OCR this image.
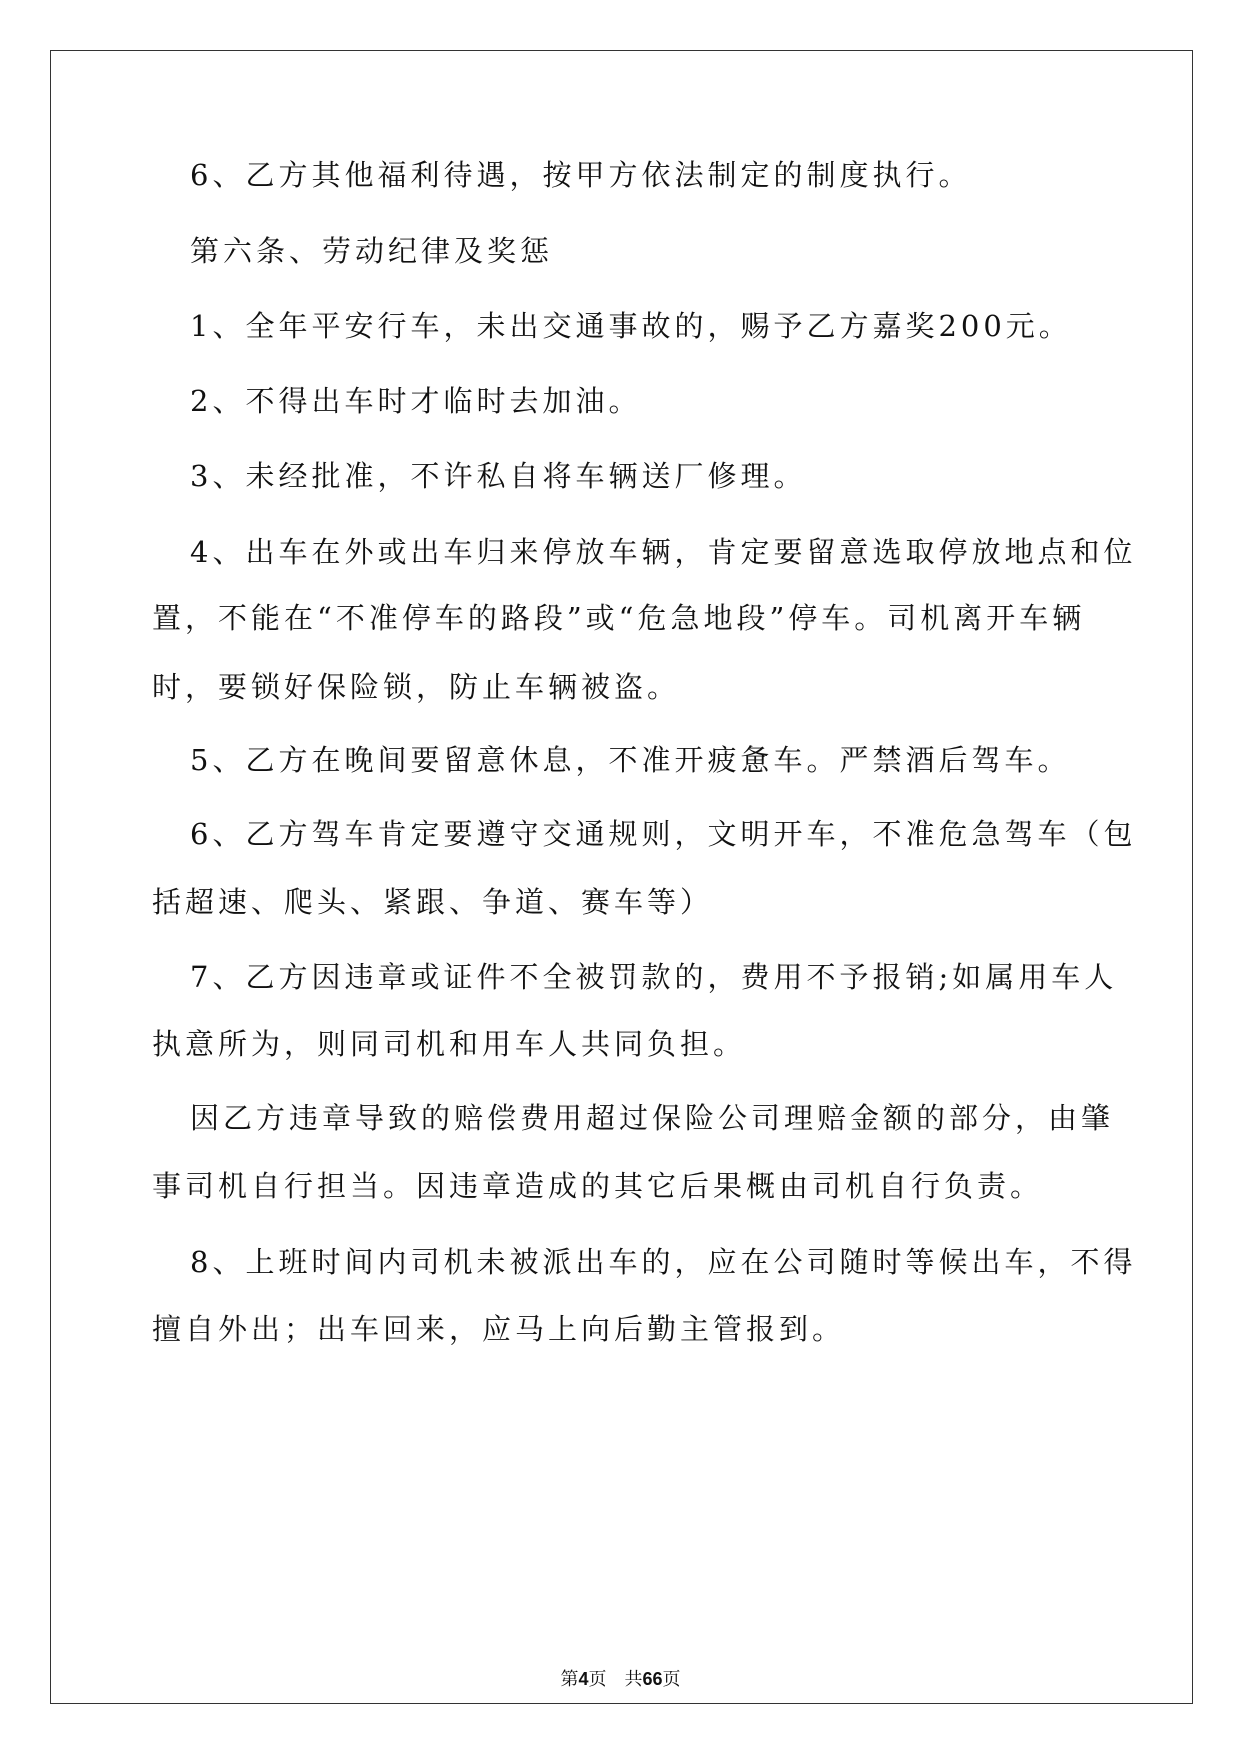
6、乙方其他福利待遇，按甲方依法制定的制度执行。
第六条、劳动纪律及奖惩
1、全年平安行车，未出交通事故的，赐予乙方嘉奖200元。
2、不得出车时才临时去加油。
3、未经批准，不许私自将车辆送厂修理。
4、出车在外或出车归来停放车辆，肯定要留意选取停放地点和位
置，不能在“不准停车的路段”或“危急地段”停车。司机离开车辆
时，要锁好保险锁，防止车辆被盗。
5、乙方在晚间要留意休息，不准开疲惫车。严禁酒后驾车。
6、乙方驾车肯定要遵守交通规则，文明开车，不准危急驾车（包
括超速、爬头、紧跟、争道、赛车等）
7、乙方因违章或证件不全被罚款的，费用不予报销;如属用车人
执意所为，则同司机和用车人共同负担。
因乙方违章导致的赔偿费用超过保险公司理赔金额的部分，由肇
事司机自行担当。因违章造成的其它后果概由司机自行负责。
8、上班时间内司机未被派出车的，应在公司随时等候出车，不得
擅自外出；出车回来，应马上向后勤主管报到。
第4页 共66页
